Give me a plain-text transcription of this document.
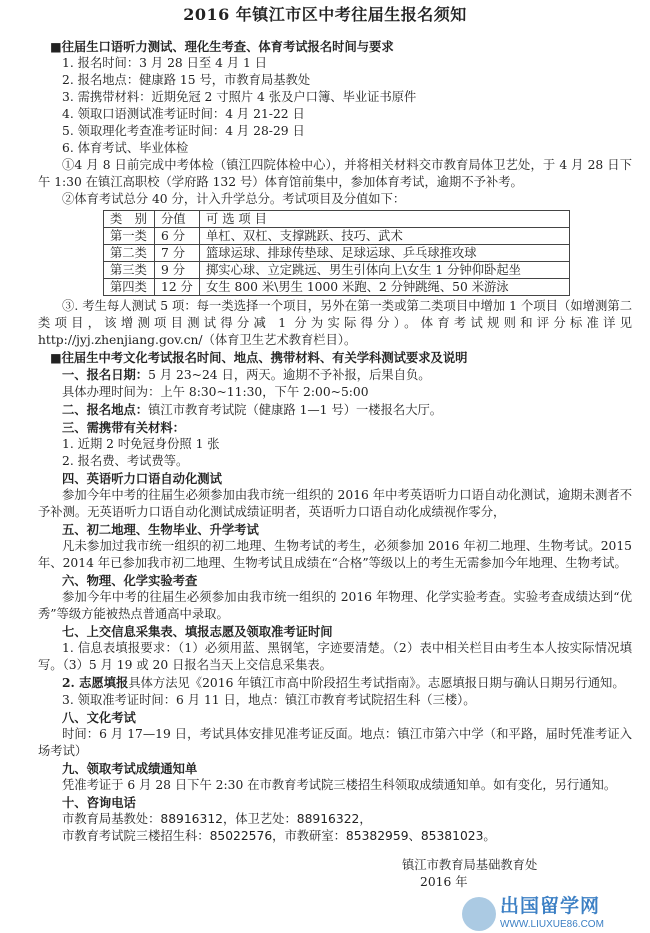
2016 年镇江市区中考往届生报名须知

■往届生口语听力测试、理化生考查、体育考试报名时间与要求

1. 报名时间：3 月 28 日至 4 月 1 日

2. 报名地点：健康路 15 号，市教育局基教处

3. 需携带材料：近期免冠 2 寸照片 4 张及户口簿、毕业证书原件

4. 领取口语测试准考证时间：4 月 21-22 日

5. 领取理化考查准考证时间：4 月 28-29 日

6. 体育考试、毕业体检

①4 月 8 日前完成中考体检（镇江四院体检中心），并将相关材料交市教育局体卫艺处，于 4 月 28 日下午 1:30 在镇江高职校（学府路 132 号）体育馆前集中，参加体育考试，逾期不予补考。

②体育考试总分 40 分，计入升学总分。考试项目及分值如下：

类　别	分值	可 选 项 目
第一类	6 分	单杠、双杠、支撑跳跃、技巧、武术
第二类	7 分	篮球运球、排球传垫球、足球运球、乒乓球推攻球
第三类	9 分	掷实心球、立定跳远、男生引体向上\女生 1 分钟仰卧起坐
第四类	12 分	女生 800 米\男生 1000 米跑、2 分钟跳绳、50 米游泳

③. 考生每人测试 5 项：每一类选择一个项目，另外在第一类或第二类项目中增加 1 个项目（如增测第二类项目，该增测项目测试得分减 1 分为实际得分）。体育考试规则和评分标准详见 http://jyj.zhenjiang.gov.cn/（体育卫生艺术教育栏目）。

■往届生中考文化考试报名时间、地点、携带材料、有关学科测试要求及说明

一、报名日期：5 月 23~24 日，两天。逾期不予补报，后果自负。

具体办理时间为：上午 8:30~11:30，下午 2:00~5:00

二、报名地点：镇江市教育考试院（健康路 1—1 号）一楼报名大厅。

三、需携带有关材料：

1. 近期 2 吋免冠身份照 1 张

2. 报名费、考试费等。

四、英语听力口语自动化测试

参加今年中考的往届生必须参加由我市统一组织的 2016 年中考英语听力口语自动化测试，逾期未测者不予补测。无英语听力口语自动化测试成绩证明者，英语听力口语自动化成绩视作零分，

五、初二地理、生物毕业、升学考试

凡未参加过我市统一组织的初二地理、生物考试的考生，必须参加 2016 年初二地理、生物考试。2015 年、2014 年已参加我市初二地理、生物考试且成绩在“合格”等级以上的考生无需参加今年地理、生物考试。

六、物理、化学实验考查

参加今年中考的往届生必须参加由我市统一组织的 2016 年物理、化学实验考查。实验考查成绩达到“优秀”等级方能被热点普通高中录取。

七、上交信息采集表、填报志愿及领取准考证时间

1. 信息表填报要求：（1）必须用蓝、黑钢笔，字迹要清楚。（2）表中相关栏目由考生本人按实际情况填写。（3）5 月 19 或 20 日报名当天上交信息采集表。

2. 志愿填报具体方法见《2016 年镇江市高中阶段招生考试指南》。志愿填报日期与确认日期另行通知。

3. 领取准考证时间：6 月 11 日，地点：镇江市教育考试院招生科（三楼）。

八、文化考试

时间：6 月 17—19 日，考试具体安排见准考证反面。地点：镇江市第六中学（和平路，届时凭准考证入场考试）

九、领取考试成绩通知单

凭准考证于 6 月 28 日下午 2:30 在市教育考试院三楼招生科领取成绩通知单。如有变化，另行通知。

十、咨询电话

市教育局基教处：88916312，体卫艺处：88916322，

市教育考试院三楼招生科：85022576，市教研室：85382959、85381023。

镇江市教育局基础教育处
2016 年
出国留学网
WWW.LIUXUE86.COM
